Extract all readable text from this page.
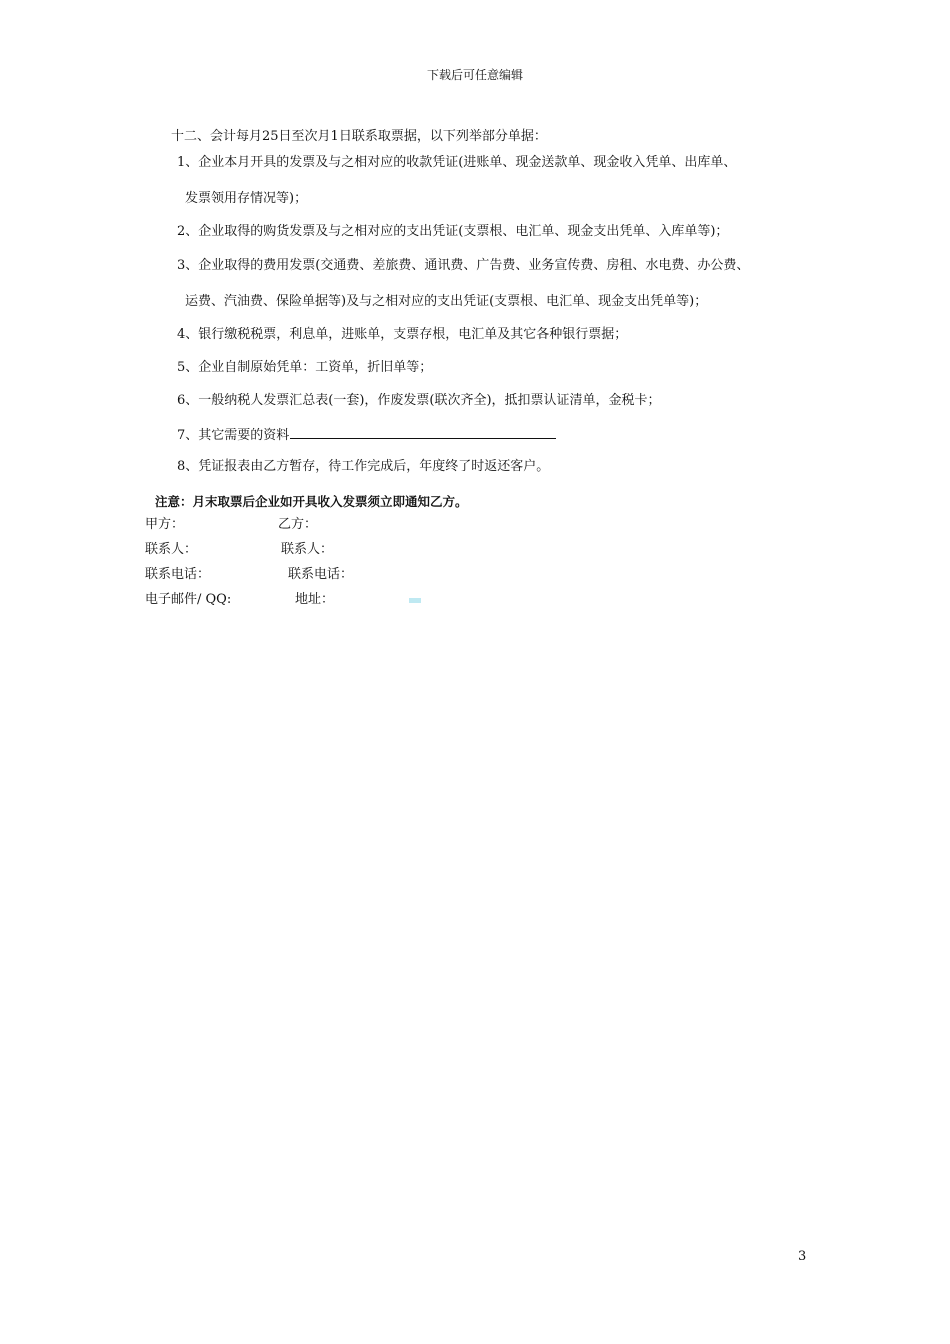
下载后可任意编辑
十二、会计每月25日至次月1日联系取票据，以下列举部分单据：
1、企业本月开具的发票及与之相对应的收款凭证(进账单、现金送款单、现金收入凭单、出库单、
发票领用存情况等)；
2、企业取得的购货发票及与之相对应的支出凭证(支票根、电汇单、现金支出凭单、入库单等)；
3、企业取得的费用发票(交通费、差旅费、通讯费、广告费、业务宣传费、房租、水电费、办公费、
运费、汽油费、保险单据等)及与之相对应的支出凭证(支票根、电汇单、现金支出凭单等)；
4、银行缴税税票，利息单，进账单，支票存根，电汇单及其它各种银行票据；
5、企业自制原始凭单：工资单，折旧单等；
6、一般纳税人发票汇总表(一套)，作废发票(联次齐全)，抵扣票认证清单，金税卡；
7、其它需要的资料
8、凭证报表由乙方暂存，待工作完成后，年度终了时返还客户。
注意：月末取票后企业如开具收入发票须立即通知乙方。
甲方：	乙方：
联系人：	联系人：
联系电话：	联系电话：
电子邮件/ QQ:	地址：
3
